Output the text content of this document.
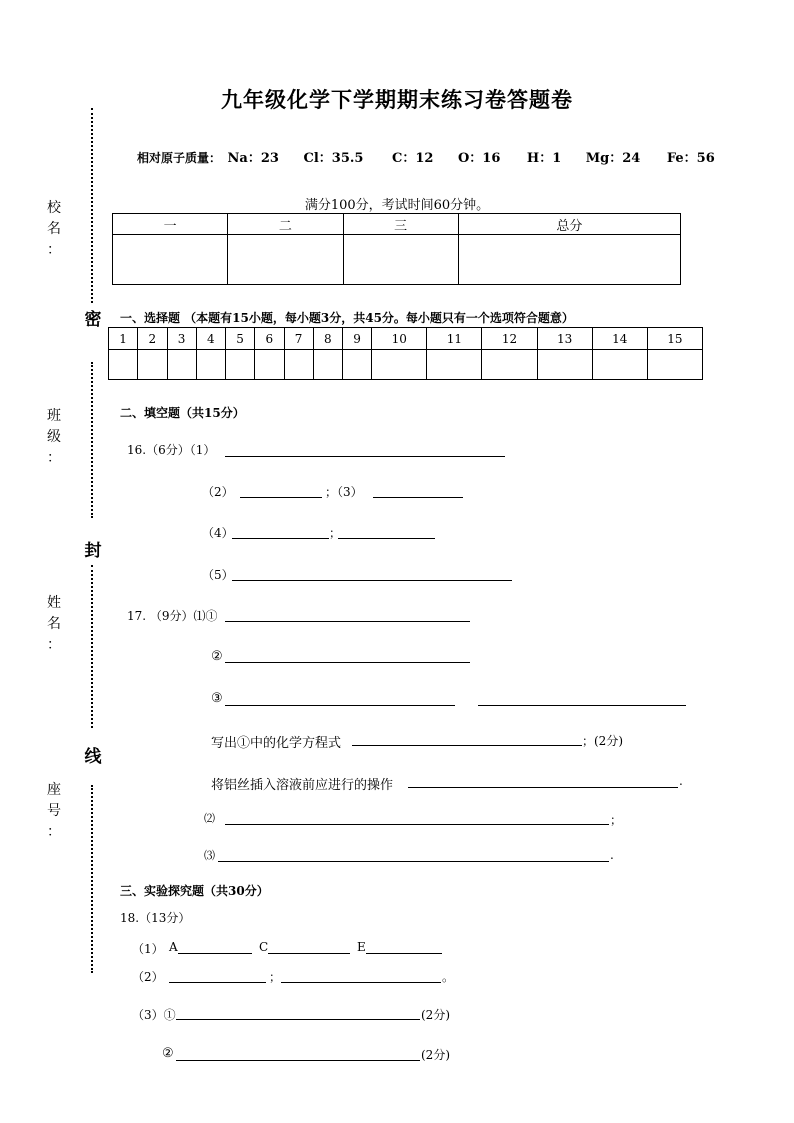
九年级化学下学期期末练习卷答题卷
相对原子质量： Na：23 Cl：35.5 C：12 O：16 H：1 Mg：24 Fe：56
满分100分，考试时间60分钟。
密
封
线
校
名
：
班
级
：
姓
名
：
座
号
：
一	二	三	总分

一、选择题 （本题有15小题，每小题3分，共45分。每小题只有一个选项符合题意）
1	2	3	4	5	6	7	8	9	10	11	12	13	14	15

二、填空题（共15分）
16.（6分）（1）
（2）	；（3）
（4）	；
（5）
17. （9分）⑴①
②
③
写出①中的化学方程式	；(2分)
将铝丝插入溶液前应进行的操作	.
⑵	；
⑶	.
三、实验探究题（共30分）
18.（13分）
（1） A	C	E
（2）	；	。
（3）①	(2分)
②	(2分)
